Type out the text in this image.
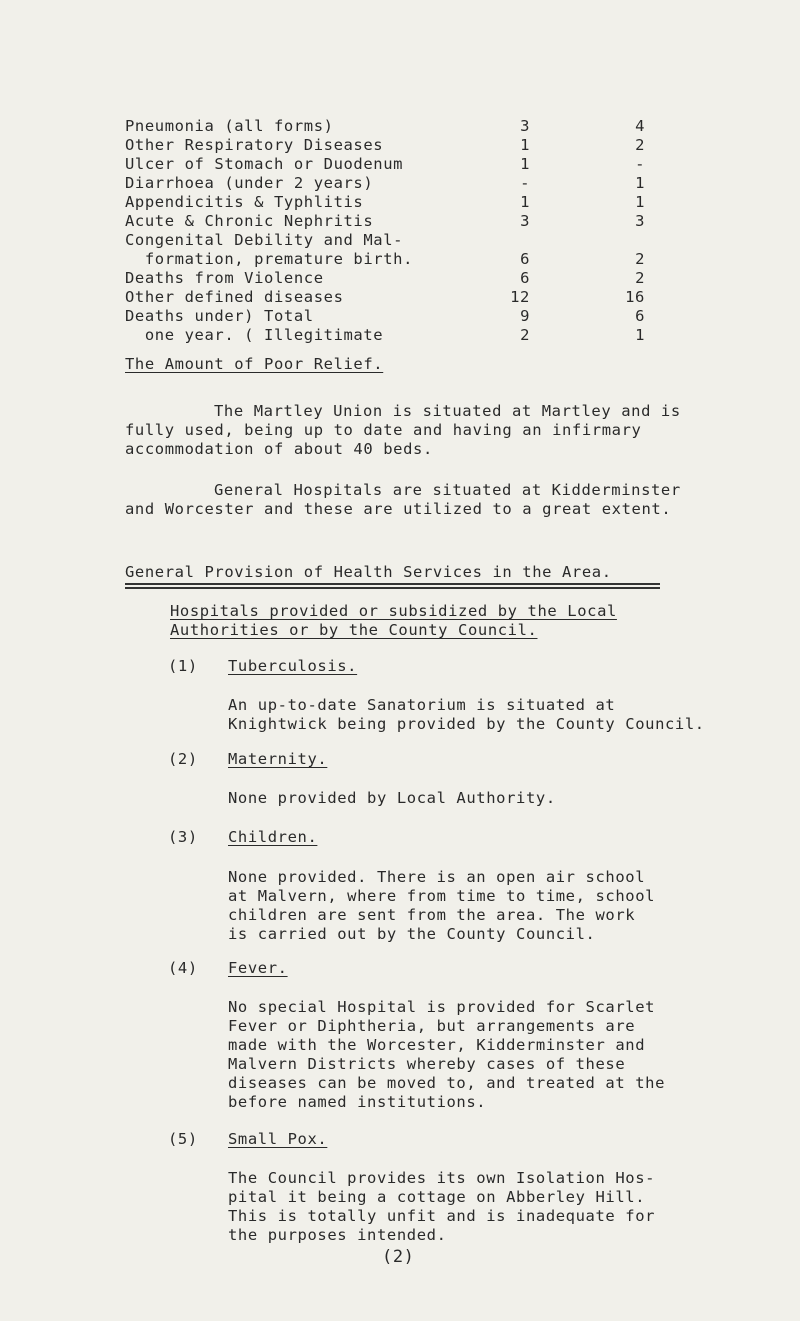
Pneumonia (all forms)	3	4
Other Respiratory Diseases	1	2
Ulcer of Stomach or Duodenum	1	-
Diarrhoea (under 2 years)	-	1
Appendicitis & Typhlitis	1	1
Acute & Chronic Nephritis	3	3
Congenital Debility and Mal-
formation, premature birth.	6	2
Deaths from Violence	6	2
Other defined diseases	12	16
Deaths under) Total	9	6
one year. ( Illegitimate	2	1
The Amount of Poor Relief.
The Martley Union is situated at Martley and is
fully used, being up to date and having an infirmary
accommodation of about 40 beds.
General Hospitals are situated at Kidderminster
and Worcester and these are utilized to a great extent.
General Provision of Health Services in the Area.
Hospitals provided or subsidized by the Local
Authorities or by the County Council.
(1) Tuberculosis.
An up-to-date Sanatorium is situated at
Knightwick being provided by the County Council.
(2) Maternity.
None provided by Local Authority.
(3) Children.
None provided. There is an open air school
at Malvern, where from time to time, school
children are sent from the area. The work
is carried out by the County Council.
(4) Fever.
No special Hospital is provided for Scarlet
Fever or Diphtheria, but arrangements are
made with the Worcester, Kidderminster and
Malvern Districts whereby cases of these
diseases can be moved to, and treated at the
before named institutions.
(5) Small Pox.
The Council provides its own Isolation Hos-
pital it being a cottage on Abberley Hill.
This is totally unfit and is inadequate for
the purposes intended.
(2)
